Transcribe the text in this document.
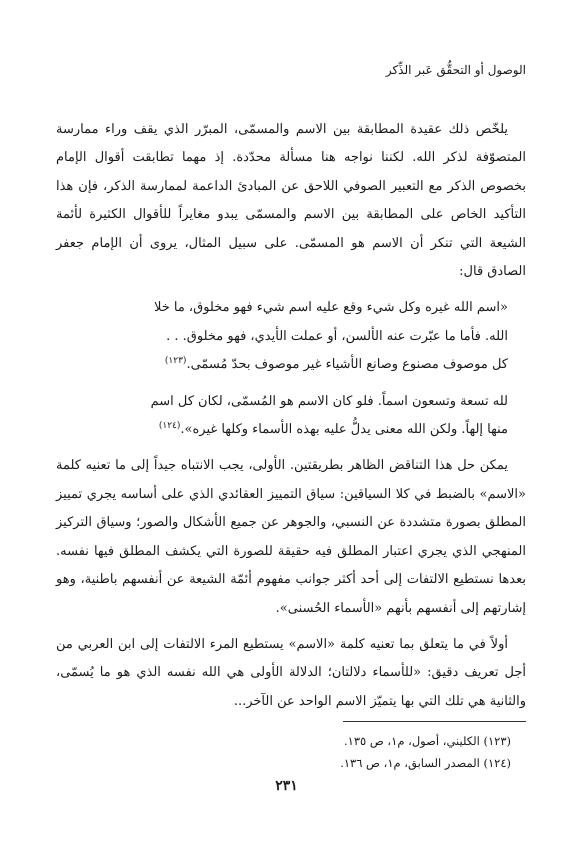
الوصول أو التحقُّق عَبر الذِّكر

يلخّص ذلك عقيدة المطابقة بين الاسم والمسمّى، المبرّر الذي يقف وراء ممارسة المتصوّفة لذكر الله. لكننا نواجه هنا مسألة محدّدة. إذ مهما تطابقت أقوال الإمام بخصوص الذكر مع التعبير الصوفي اللاحق عن المبادئ الداعمة لممارسة الذكر، فإن هذا التأكيد الخاص على المطابقة بين الاسم والمسمّى يبدو مغايراً للأقوال الكثيرة لأئمة الشيعة التي تنكر أن الاسم هو المسمّى. على سبيل المثال، يروى أن الإمام جعفر الصادق قال:

«اسم الله غيره وكل شيء وقع عليه اسم شيء فهو مخلوق، ما خلا
الله. فأما ما عبّرت عنه الألسن، أو عملت الأيدي، فهو مخلوق. . .
كل موصوف مصنوع وصانع الأشياء غير موصوف بحدّ مُسمّى.$^{(١٢٣)}$
لله تسعة وتسعون اسماً. فلو كان الاسم هو المُسمّى، لكان كل اسم
منها إلهاً. ولكن الله معنى يدلُّ عليه بهذه الأسماء وكلها غيره».$^{(١٢٤)}$

يمكن حل هذا التناقض الظاهر بطريقتين. الأولى، يجب الانتباه جيداً إلى ما تعنيه كلمة «الاسم» بالضبط في كلا السياقين: سياق التمييز العقائدي الذي على أساسه يجري تمييز المطلق بصورة متشددة عن النسبي، والجوهر عن جميع الأشكال والصور؛ وسياق التركيز المنهجي الذي يجري اعتبار المطلق فيه حقيقة للصورة التي يكشف المطلق فيها نفسه. بعدها نستطيع الالتفات إلى أحد أكثر جوانب مفهوم أئمّة الشيعة عن أنفسهم باطنية، وهو إشارتهم إلى أنفسهم بأنهم «الأسماء الحُسنى».

أولاً في ما يتعلق بما تعنيه كلمة «الاسم» يستطيع المرء الالتفات إلى ابن العربي من أجل تعريف دقيق: «للأسماء دلالتان؛ الدلالة الأولى هي الله نفسه الذي هو ما يُسمّى، والثانية هي تلك التي بها يتميّز الاسم الواحد عن الآخر...

(١٢٣) الكليني، أصول، م١، ص ١٣٥.
(١٢٤) المصدر السابق، م١، ص ١٣٦.
٢٣١
